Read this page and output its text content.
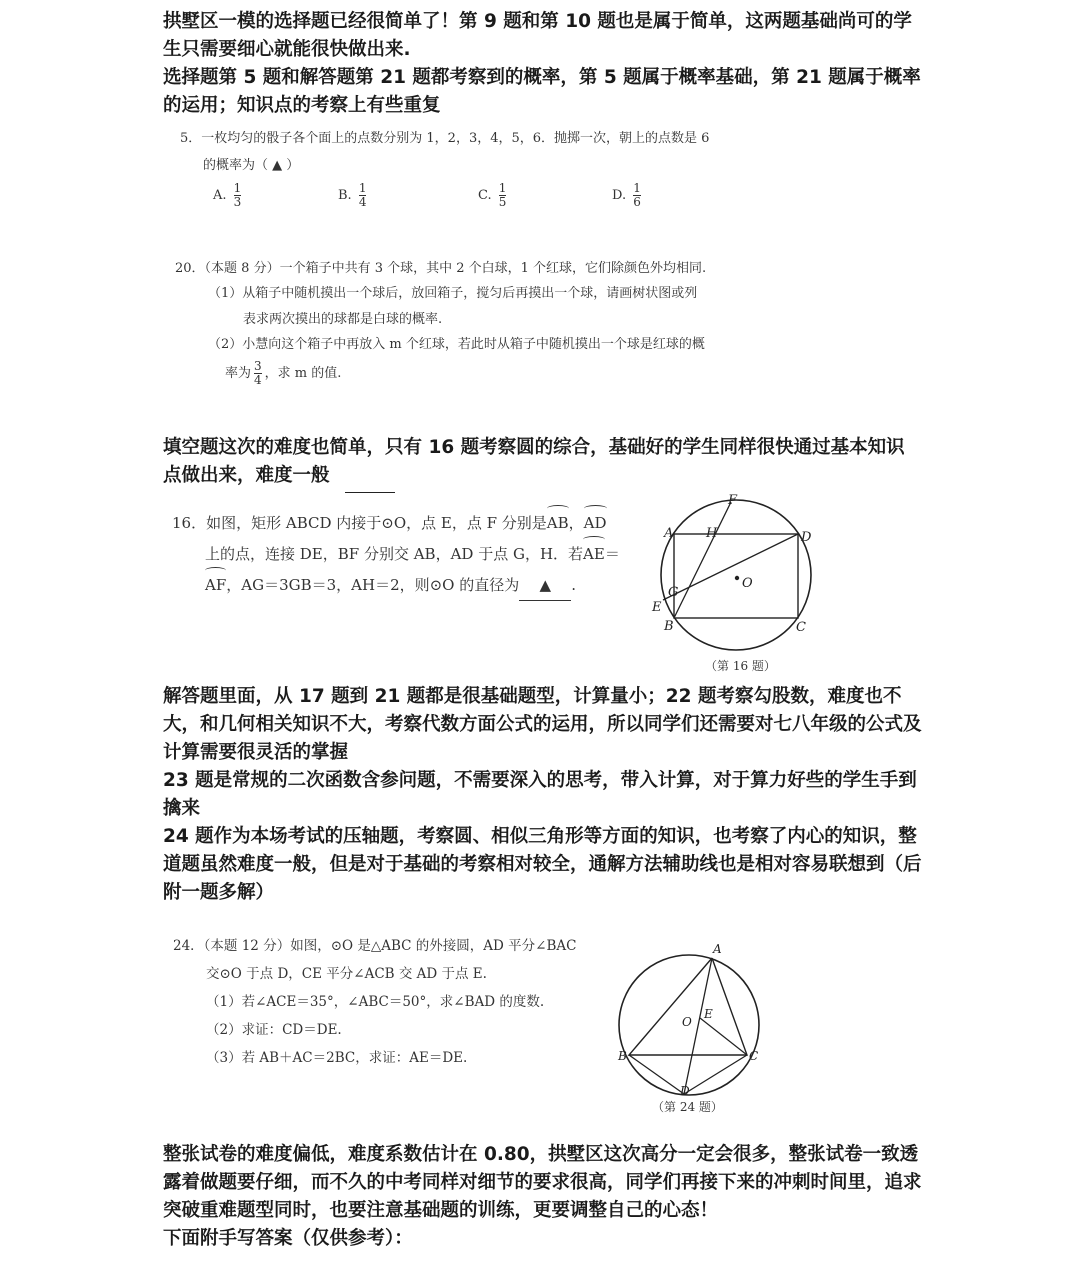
拱墅区一模的选择题已经很简单了！第 9 题和第 10 题也是属于简单，这两题基础尚可的学生只需要细心就能很快做出来.

选择题第 5 题和解答题第 21 题都考察到的概率，第 5 题属于概率基础，第 21 题属于概率的运用；知识点的考察上有些重复

5．一枚均匀的骰子各个面上的点数分别为 1，2，3，4，5，6．抛掷一次，朝上的点数是 6
的概率为（ ▲ ）
A. $\frac{1}{3}$	B. $\frac{1}{4}$	C. $\frac{1}{5}$	D. $\frac{1}{6}$
20．（本题 8 分）一个箱子中共有 3 个球，其中 2 个白球，1 个红球，它们除颜色外均相同.
（1）从箱子中随机摸出一个球后，放回箱子，搅匀后再摸出一个球，请画树状图或列
表求两次摸出的球都是白球的概率.
（2）小慧向这个箱子中再放入 m 个红球，若此时从箱子中随机摸出一个球是红球的概
率为 $\frac{3}{4}$ ，求 m 的值.

填空题这次的难度也简单，只有 16 题考察圆的综合，基础好的学生同样很快通过基本知识点做出来，难度一般

16．如图，矩形 ABCD 内接于⊙O，点 E，点 F 分别是AB，AD
上的点，连接 DE，BF 分别交 AB，AD 于点 G，H．若AE＝
AF，AG＝3GB＝3，AH＝2，则⊙O 的直径为 ▲ .
F
A	H	D
O
G
E
B	C
（第 16 题）

解答题里面，从 17 题到 21 题都是很基础题型，计算量小；22 题考察勾股数，难度也不大，和几何相关知识不大，考察代数方面公式的运用，所以同学们还需要对七八年级的公式及计算需要很灵活的掌握

23 题是常规的二次函数含参问题，不需要深入的思考，带入计算，对于算力好些的学生手到擒来

24 题作为本场考试的压轴题，考察圆、相似三角形等方面的知识，也考察了内心的知识，整道题虽然难度一般，但是对于基础的考察相对较全，通解方法辅助线也是相对容易联想到（后附一题多解）

24．（本题 12 分）如图，⊙O 是△ABC 的外接圆，AD 平分∠BAC
交⊙O 于点 D，CE 平分∠ACB 交 AD 于点 E.
（1）若∠ACE＝35°，∠ABC＝50°，求∠BAD 的度数.
（2）求证：CD＝DE.
（3）若 AB＋AC＝2BC，求证：AE＝DE.
A
O
E
B	C
D
（第 24 题）

整张试卷的难度偏低，难度系数估计在 0.80，拱墅区这次高分一定会很多，整张试卷一致透露着做题要仔细，而不久的中考同样对细节的要求很高，同学们再接下来的冲刺时间里，追求突破重难题型同时，也要注意基础题的训练，更要调整自己的心态！

下面附手写答案（仅供参考）：
